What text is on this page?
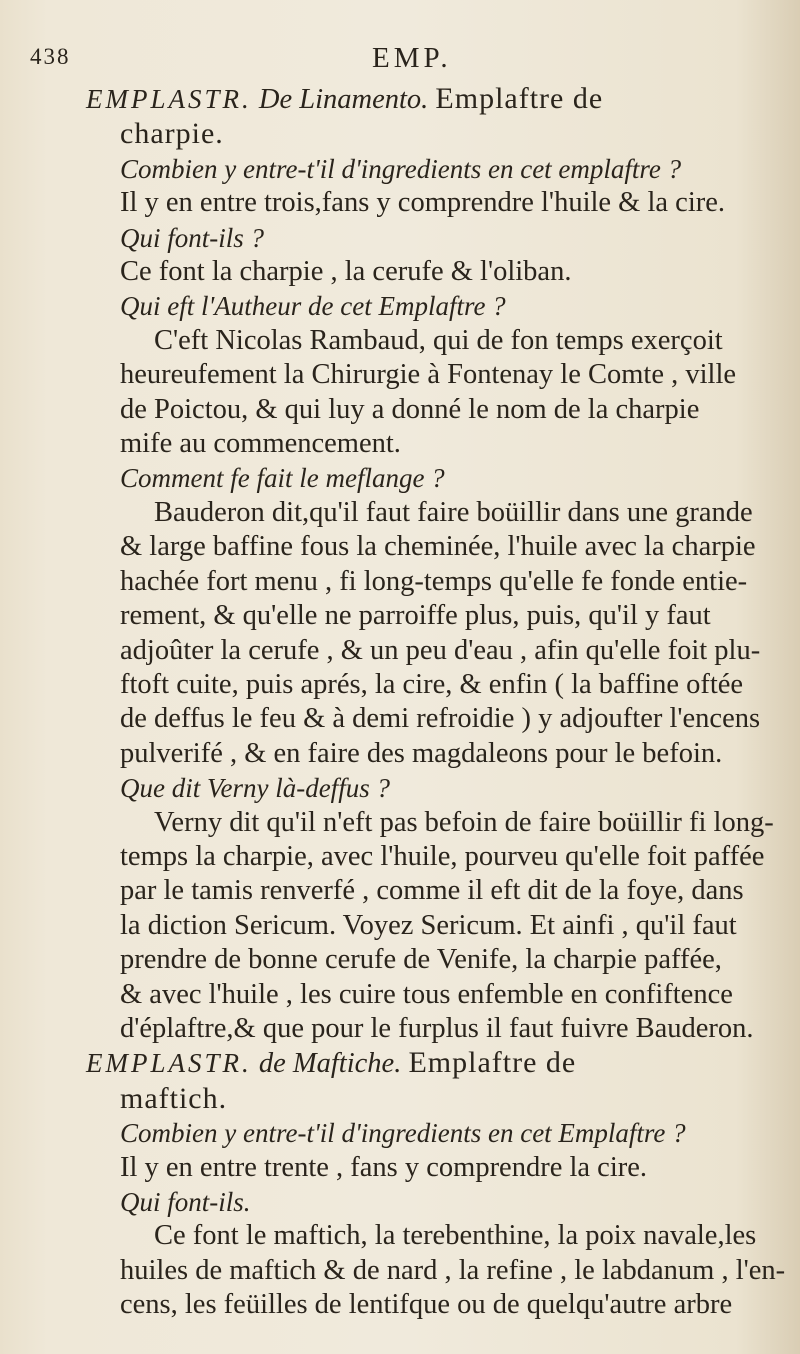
438	EMP.

EMPLASTR. De Linamento. Emplaftre de
charpie.

Combien y entre-t'il d'ingredients en cet emplaftre ?

Il y en entre trois,fans y comprendre l'huile & la cire.

Qui font-ils ?

Ce font la charpie , la cerufe & l'oliban.

Qui eft l'Autheur de cet Emplaftre ?

C'eft Nicolas Rambaud, qui de fon temps exerçoit
heureufement la Chirurgie à Fontenay le Comte , ville
de Poictou, & qui luy a donné le nom de la charpie
mife au commencement.

Comment fe fait le meflange ?

Bauderon dit,qu'il faut faire boüillir dans une grande
& large baffine fous la cheminée, l'huile avec la charpie
hachée fort menu , fi long-temps qu'elle fe fonde entie-
rement, & qu'elle ne parroiffe plus, puis, qu'il y faut
adjoûter la cerufe , & un peu d'eau , afin qu'elle foit plu-
ftoft cuite, puis aprés, la cire, & enfin ( la baffine oftée
de deffus le feu & à demi refroidie ) y adjoufter l'encens
pulverifé , & en faire des magdaleons pour le befoin.

Que dit Verny là-deffus ?

Verny dit qu'il n'eft pas befoin de faire boüillir fi long-
temps la charpie, avec l'huile, pourveu qu'elle foit paffée
par le tamis renverfé , comme il eft dit de la foye, dans
la diction Sericum. Voyez Sericum. Et ainfi , qu'il faut
prendre de bonne cerufe de Venife, la charpie paffée,
& avec l'huile , les cuire tous enfemble en confiftence
d'éplaftre,& que pour le furplus il faut fuivre Bauderon.

EMPLASTR. de Maftiche. Emplaftre de
maftich.

Combien y entre-t'il d'ingredients en cet Emplaftre ?

Il y en entre trente , fans y comprendre la cire.

Qui font-ils.

Ce font le maftich, la terebenthine, la poix navale,les
huiles de maftich & de nard , la refine , le labdanum , l'en-
cens, les feüilles de lentifque ou de quelqu'autre arbre
